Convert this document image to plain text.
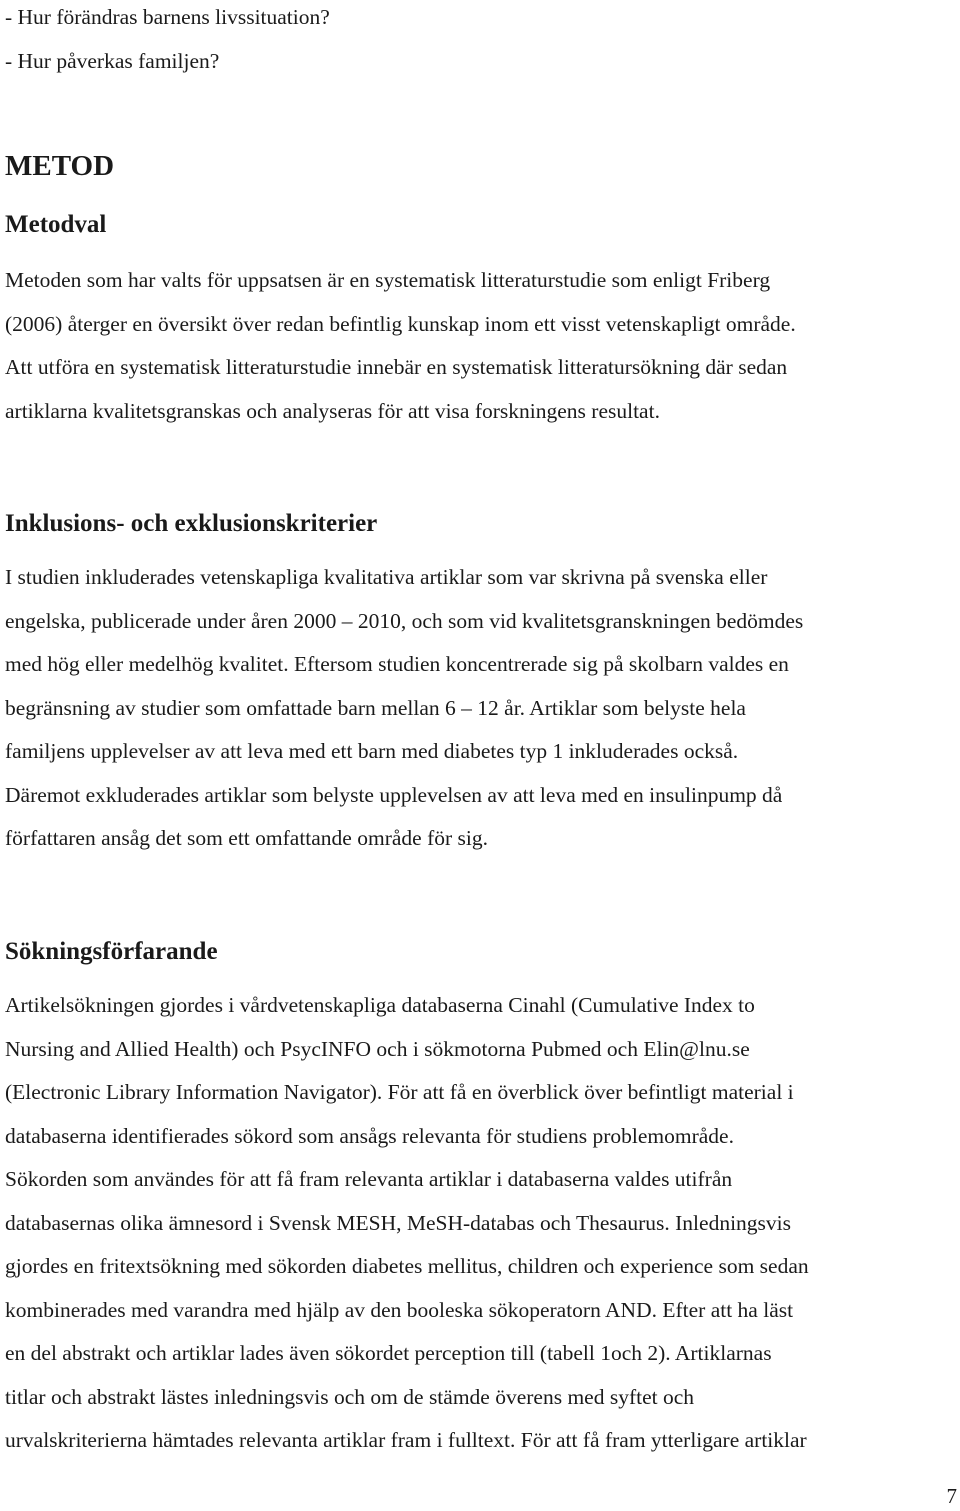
- Hur förändras barnens livssituation?
- Hur påverkas familjen?
METOD
Metodval
Metoden som har valts för uppsatsen är en systematisk litteraturstudie som enligt Friberg
(2006) återger en översikt över redan befintlig kunskap inom ett visst vetenskapligt område.
Att utföra en systematisk litteraturstudie innebär en systematisk litteratursökning där sedan
artiklarna kvalitetsgranskas och analyseras för att visa forskningens resultat.
Inklusions- och exklusionskriterier
I studien inkluderades vetenskapliga kvalitativa artiklar som var skrivna på svenska eller
engelska, publicerade under åren 2000 – 2010, och som vid kvalitetsgranskningen bedömdes
med hög eller medelhög kvalitet. Eftersom studien koncentrerade sig på skolbarn valdes en
begränsning av studier som omfattade barn mellan 6 – 12 år. Artiklar som belyste hela
familjens upplevelser av att leva med ett barn med diabetes typ 1 inkluderades också.
Däremot exkluderades artiklar som belyste upplevelsen av att leva med en insulinpump då
författaren ansåg det som ett omfattande område för sig.
Sökningsförfarande
Artikelsökningen gjordes i vårdvetenskapliga databaserna Cinahl (Cumulative Index to
Nursing and Allied Health) och PsycINFO och i sökmotorna Pubmed och Elin@lnu.se
(Electronic Library Information Navigator). För att få en överblick över befintligt material i
databaserna identifierades sökord som ansågs relevanta för studiens problemområde.
Sökorden som användes för att få fram relevanta artiklar i databaserna valdes utifrån
databasernas olika ämnesord i Svensk MESH, MeSH-databas och Thesaurus. Inledningsvis
gjordes en fritextsökning med sökorden diabetes mellitus, children och experience som sedan
kombinerades med varandra med hjälp av den booleska sökoperatorn AND. Efter att ha läst
en del abstrakt och artiklar lades även sökordet perception till (tabell 1och 2). Artiklarnas
titlar och abstrakt lästes inledningsvis och om de stämde överens med syftet och
urvalskriterierna hämtades relevanta artiklar fram i fulltext. För att få fram ytterligare artiklar
7
